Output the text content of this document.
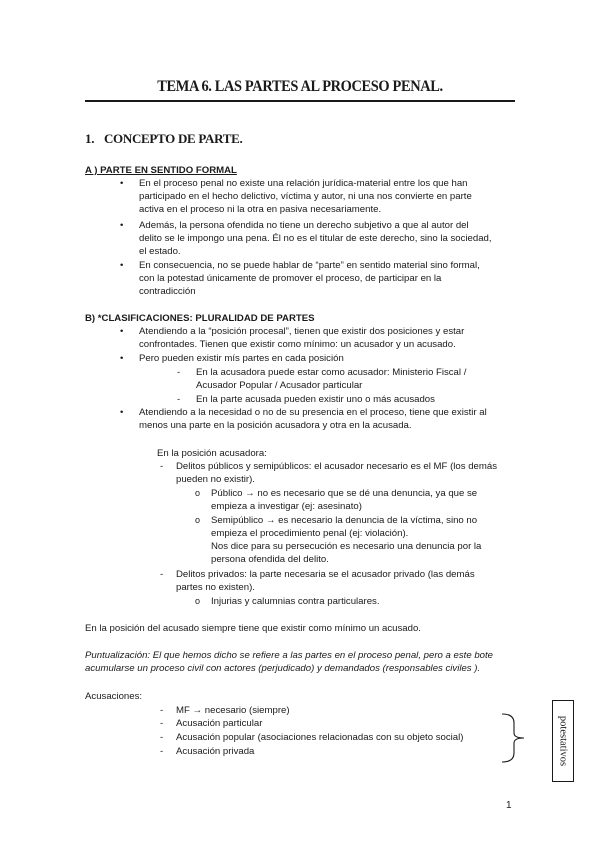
TEMA 6. LAS PARTES AL PROCESO PENAL.
1. CONCEPTO DE PARTE.
A ) PARTE EN SENTIDO FORMAL
• En el proceso penal no existe una relación jurídica-material entre los que han
participado en el hecho delictivo, víctima y autor, ni una nos convierte en parte
activa en el proceso ni la otra en pasiva necesariamente.
• Además, la persona ofendida no tiene un derecho subjetivo a que al autor del
delito se le impongo una pena. Él no es el titular de este derecho, sino la sociedad,
el estado.
• En consecuencia, no se puede hablar de “parte” en sentido material sino formal,
con la potestad únicamente de promover el proceso, de participar en la
contradicción
B) *CLASIFICACIONES: PLURALIDAD DE PARTES
• Atendiendo a la “posición procesal”, tienen que existir dos posiciones y estar
confrontades. Tienen que existir como mínimo: un acusador y un acusado.
• Pero pueden existir mís partes en cada posición
- En la acusadora puede estar como acusador: Ministerio Fiscal /
Acusador Popular / Acusador particular
- En la parte acusada pueden existir uno o más acusados
• Atendiendo a la necesidad o no de su presencia en el proceso, tiene que existir al
menos una parte en la posición acusadora y otra en la acusada.
En la posición acusadora:
- Delitos públicos y semipúblicos: el acusador necesario es el MF (los demás
pueden no existir).
o Público → no es necesario que se dé una denuncia, ya que se
empieza a investigar (ej: asesinato)
o Semipúblico → es necesario la denuncia de la víctima, sino no
empieza el procedimiento penal (ej: violación).
Nos dice para su persecución es necesario una denuncia por la
persona ofendida del delito.
- Delitos privados: la parte necesaria se el acusador privado (las demás
partes no existen).
o Injurias y calumnias contra particulares.
En la posición del acusado siempre tiene que existir como mínimo un acusado.
Puntualización: El que hemos dicho se refiere a las partes en el proceso penal, pero a este bote
acumularse un proceso civil con actores (perjudicado) y demandados (responsables civiles ).
Acusaciones:
- MF → necesario (siempre)
- Acusación particular
- Acusación popular (asociaciones relacionadas con su objeto social)
- Acusación privada	potestativos
1
